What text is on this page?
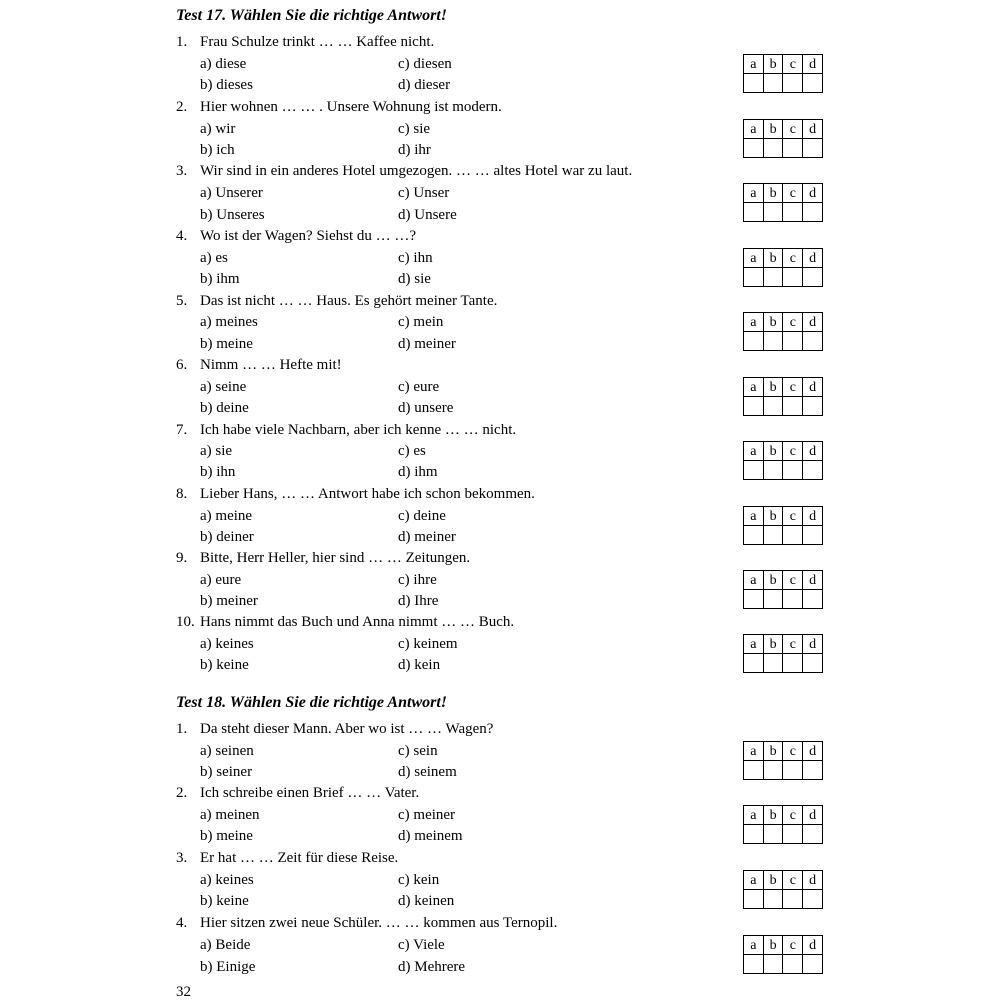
Test 17. Wählen Sie die richtige Antwort!
1. Frau Schulze trinkt … … Kaffee nicht.
a) diese	c) diesen
b) dieses	d) dieser
a	b	c	d

2. Hier wohnen … … . Unsere Wohnung ist modern.
a) wir	c) sie
b) ich	d) ihr
a	b	c	d

3. Wir sind in ein anderes Hotel umgezogen. … … altes Hotel war zu laut.
a) Unserer	c) Unser
b) Unseres	d) Unsere
a	b	c	d

4. Wo ist der Wagen? Siehst du … …?
a) es	c) ihn
b) ihm	d) sie
a	b	c	d

5. Das ist nicht … … Haus. Es gehört meiner Tante.
a) meines	c) mein
b) meine	d) meiner
a	b	c	d

6. Nimm … … Hefte mit!
a) seine	c) eure
b) deine	d) unsere
a	b	c	d

7. Ich habe viele Nachbarn, aber ich kenne … … nicht.
a) sie	c) es
b) ihn	d) ihm
a	b	c	d

8. Lieber Hans, … … Antwort habe ich schon bekommen.
a) meine	c) deine
b) deiner	d) meiner
a	b	c	d

9. Bitte, Herr Heller, hier sind … … Zeitungen.
a) eure	c) ihre
b) meiner	d) Ihre
a	b	c	d

10. Hans nimmt das Buch und Anna nimmt … … Buch.
a) keines	c) keinem
b) keine	d) kein
a	b	c	d

Test 18. Wählen Sie die richtige Antwort!
1. Da steht dieser Mann. Aber wo ist … … Wagen?
a) seinen	c) sein
b) seiner	d) seinem
a	b	c	d

2. Ich schreibe einen Brief … … Vater.
a) meinen	c) meiner
b) meine	d) meinem
a	b	c	d

3. Er hat … … Zeit für diese Reise.
a) keines	c) kein
b) keine	d) keinen
a	b	c	d

4. Hier sitzen zwei neue Schüler. … … kommen aus Ternopil.
a) Beide	c) Viele
b) Einige	d) Mehrere
a	b	c	d

32
